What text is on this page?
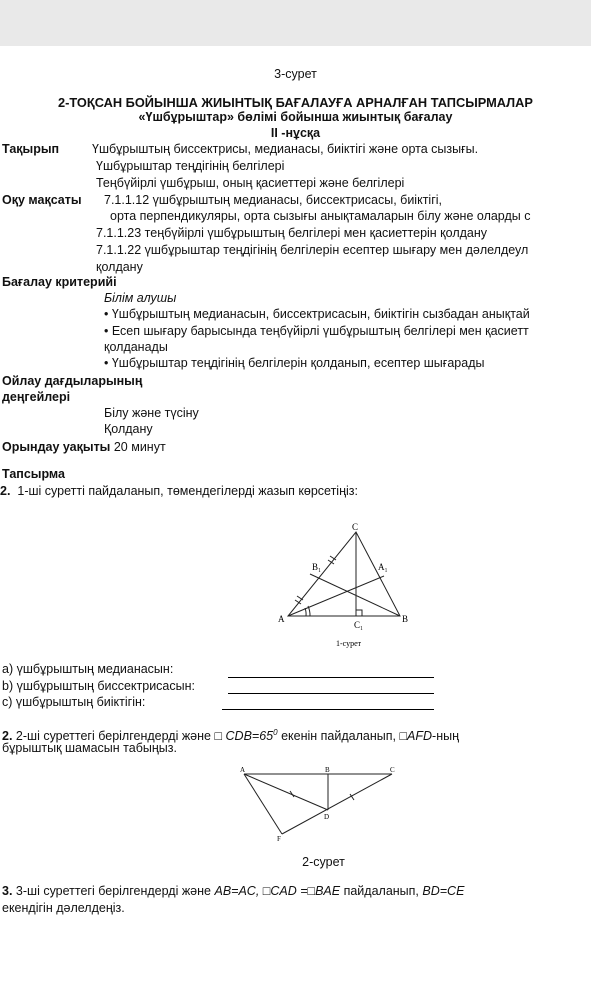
3-сурет
2-ТОҚСАН БОЙЫНША ЖИЫНТЫҚ БАҒАЛАУҒА АРНАЛҒАН ТАПСЫРМАЛАР
«Үшбұрыштар» бөлімі бойынша жиынтық бағалау
II -нұсқа
Тақырып	Үшбұрыштың биссектрисы, медианасы, биіктігі және орта сызығы.
Үшбұрыштар теңдігінің белгілері
Теңбүйірлі үшбұрыш, оның қасиеттері және белгілері
Оқу мақсаты 7.1.1.12 үшбұрыштың медианасы, биссектрисасы, биіктігі,
орта перпендикуляры, орта сызығы анықтамаларын білу және оларды с
7.1.1.23 теңбүйірлі үшбұрыштың белгілері мен қасиеттерін қолдану
7.1.1.22 үшбұрыштар теңдігінің белгілерін есептер шығару мен дәлелдеул
қолдану
Бағалау критерийі
Білім алушы
• Үшбұрыштың медианасын, биссектрисасын, биіктігін сызбадан анықтай
• Есеп шығару барысында теңбүйірлі үшбұрыштың белгілері мен қасиетт
қолданады
• Үшбұрыштар теңдігінің белгілерін қолданып, есептер шығарады
Ойлау дағдыларының
деңгейлері
Білу және түсіну
Қолдану
Орындау уақыты 20 минут
Тапсырма
2. 1-ші суретті пайдаланып, төмендегілерді жазып көрсетіңіз:
C
B₁	A₁
A
C₁
B
1-сурет
а) үшбұрыштың медианасын:
b) үшбұрыштың биссектрисасын:
c) үшбұрыштың биіктігін:
2. 2-ші суреттегі берілгендерді және □ $CDB=65^0$ екенін пайдаланып, □AFD-ның
бұрыштық шамасын табыңыз.
A	B	C
D
F
2-сурет
3. 3-ші суреттегі берілгендерді және AB=AC, □CAD =□BAE пайдаланып, BD=CE
екендігін дәлелдеңіз.
